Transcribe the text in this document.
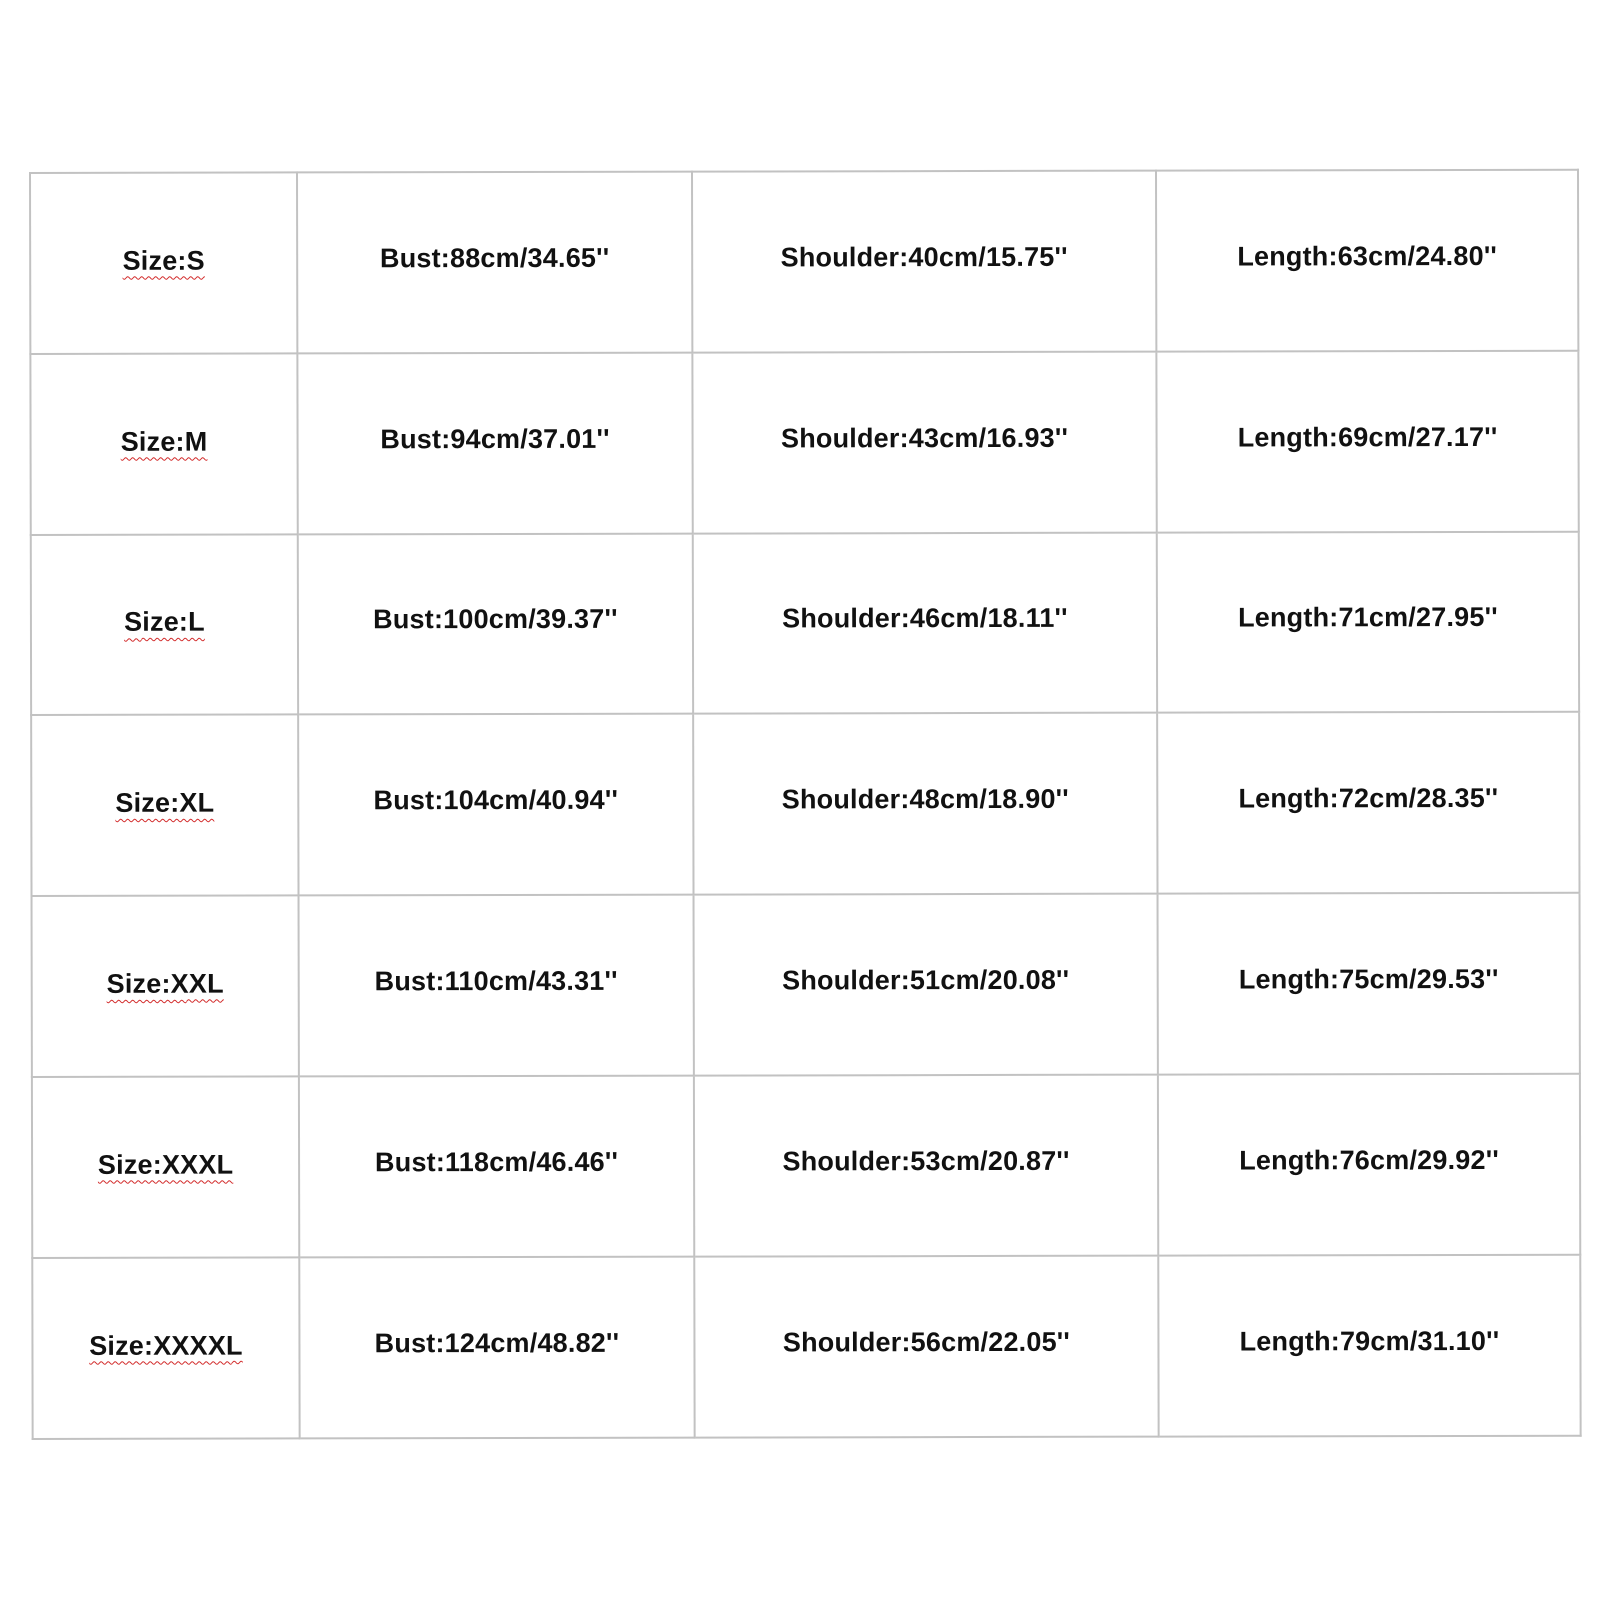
Size:S	Bust:88cm/34.65''	Shoulder:40cm/15.75''	Length:63cm/24.80''
Size:M	Bust:94cm/37.01''	Shoulder:43cm/16.93''	Length:69cm/27.17''
Size:L	Bust:100cm/39.37''	Shoulder:46cm/18.11''	Length:71cm/27.95''
Size:XL	Bust:104cm/40.94''	Shoulder:48cm/18.90''	Length:72cm/28.35''
Size:XXL	Bust:110cm/43.31''	Shoulder:51cm/20.08''	Length:75cm/29.53''
Size:XXXL	Bust:118cm/46.46''	Shoulder:53cm/20.87''	Length:76cm/29.92''
Size:XXXXL	Bust:124cm/48.82''	Shoulder:56cm/22.05''	Length:79cm/31.10''
